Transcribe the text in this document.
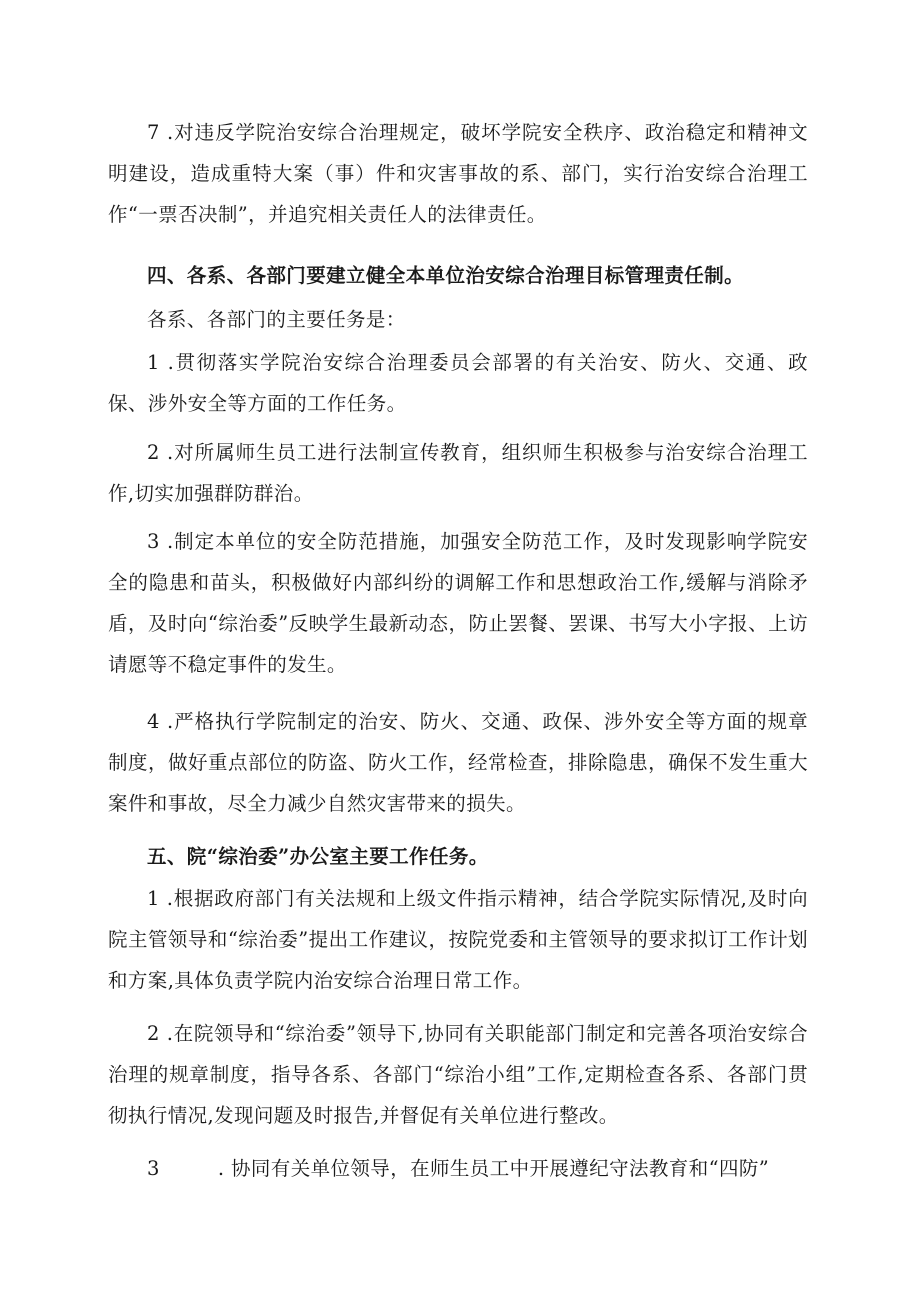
7 .对违反学院治安综合治理规定，破坏学院安全秩序、政治稳定和精神文明建设，造成重特大案（事）件和灾害事故的系、部门，实行治安综合治理工作“一票否决制”，并追究相关责任人的法律责任。

四、各系、各部门要建立健全本单位治安综合治理目标管理责任制。

各系、各部门的主要任务是：

1 .贯彻落实学院治安综合治理委员会部署的有关治安、防火、交通、政保、涉外安全等方面的工作任务。

2 .对所属师生员工进行法制宣传教育，组织师生积极参与治安综合治理工作,切实加强群防群治。

3 .制定本单位的安全防范措施，加强安全防范工作，及时发现影响学院安全的隐患和苗头，积极做好内部纠纷的调解工作和思想政治工作,缓解与消除矛盾，及时向“综治委”反映学生最新动态，防止罢餐、罢课、书写大小字报、上访请愿等不稳定事件的发生。

4 .严格执行学院制定的治安、防火、交通、政保、涉外安全等方面的规章制度，做好重点部位的防盗、防火工作，经常检查，排除隐患，确保不发生重大案件和事故，尽全力减少自然灾害带来的损失。

五、院“综治委”办公室主要工作任务。

1 .根据政府部门有关法规和上级文件指示精神，结合学院实际情况,及时向院主管领导和“综治委”提出工作建议，按院党委和主管领导的要求拟订工作计划和方案,具体负责学院内治安综合治理日常工作。

2 .在院领导和“综治委”领导下,协同有关职能部门制定和完善各项治安综合治理的规章制度，指导各系、各部门“综治小组”工作,定期检查各系、各部门贯彻执行情况,发现问题及时报告,并督促有关单位进行整改。

3	. 协同有关单位领导，在师生员工中开展遵纪守法教育和“四防”
